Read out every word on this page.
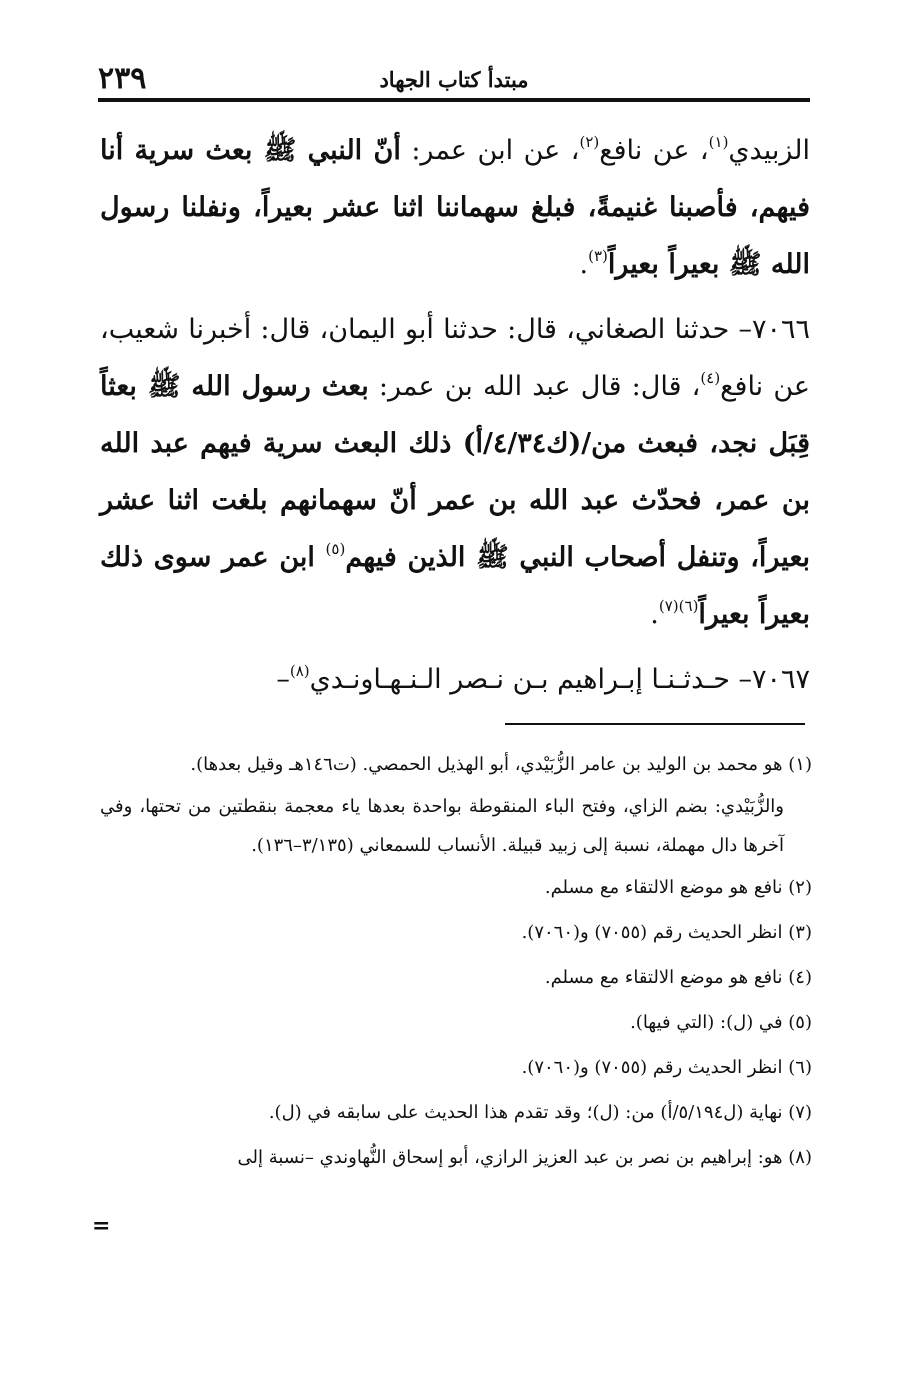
٢٣٩	مبتدأ كتاب الجهاد

الزبيدي$^{(١)}$، عن نافع$^{(٢)}$، عن ابن عمر: أنّ النبي ﷺ بعث سرية أنا فيهم، فأصبنا غنيمةً، فبلغ سهماننا اثنا عشر بعيراً، ونفلنا رسول الله ﷺ بعيراً بعيراً$^{(٣)}$.

٧٠٦٦– حدثنا الصغاني، قال: حدثنا أبو اليمان، قال: أخبرنا شعيب، عن نافع$^{(٤)}$، قال: قال عبد الله بن عمر: بعث رسول الله ﷺ بعثاً قِبَل نجد، فبعث من/(ك٤/٣٤/أ) ذلك البعث سرية فيهم عبد الله بن عمر، فحدّث عبد الله بن عمر أنّ سهمانهم بلغت اثنا عشر بعيراً، وتنفل أصحاب النبي ﷺ الذين فيهم$^{(٥)}$ ابن عمر سوى ذلك بعيراً بعيراً$^{(٦)(٧)}$.

٧٠٦٧– حـدثـنـا إبـراهيم بـن نـصر الـنـهـاونـدي$^{(٨)}$–

(١) هو محمد بن الوليد بن عامر الزُّبَيْدي، أبو الهذيل الحمصي. (ت١٤٦هـ وقيل بعدها).

والزُّبَيْدي: بضم الزاي، وفتح الباء المنقوطة بواحدة بعدها ياء معجمة بنقطتين من تحتها، وفي آخرها دال مهملة، نسبة إلى زبيد قبيلة. الأنساب للسمعاني (٣/١٣٥–١٣٦).

(٢) نافع هو موضع الالتقاء مع مسلم.

(٣) انظر الحديث رقم (٧٠٥٥) و(٧٠٦٠).

(٤) نافع هو موضع الالتقاء مع مسلم.

(٥) في (ل): (التي فيها).

(٦) انظر الحديث رقم (٧٠٥٥) و(٧٠٦٠).

(٧) نهاية (ل٥/١٩٤/أ) من: (ل)؛ وقد تقدم هذا الحديث على سابقه في (ل).

(٨) هو: إبراهيم بن نصر بن عبد العزيز الرازي، أبو إسحاق النُّهاوندي –نسبة إلى

=
